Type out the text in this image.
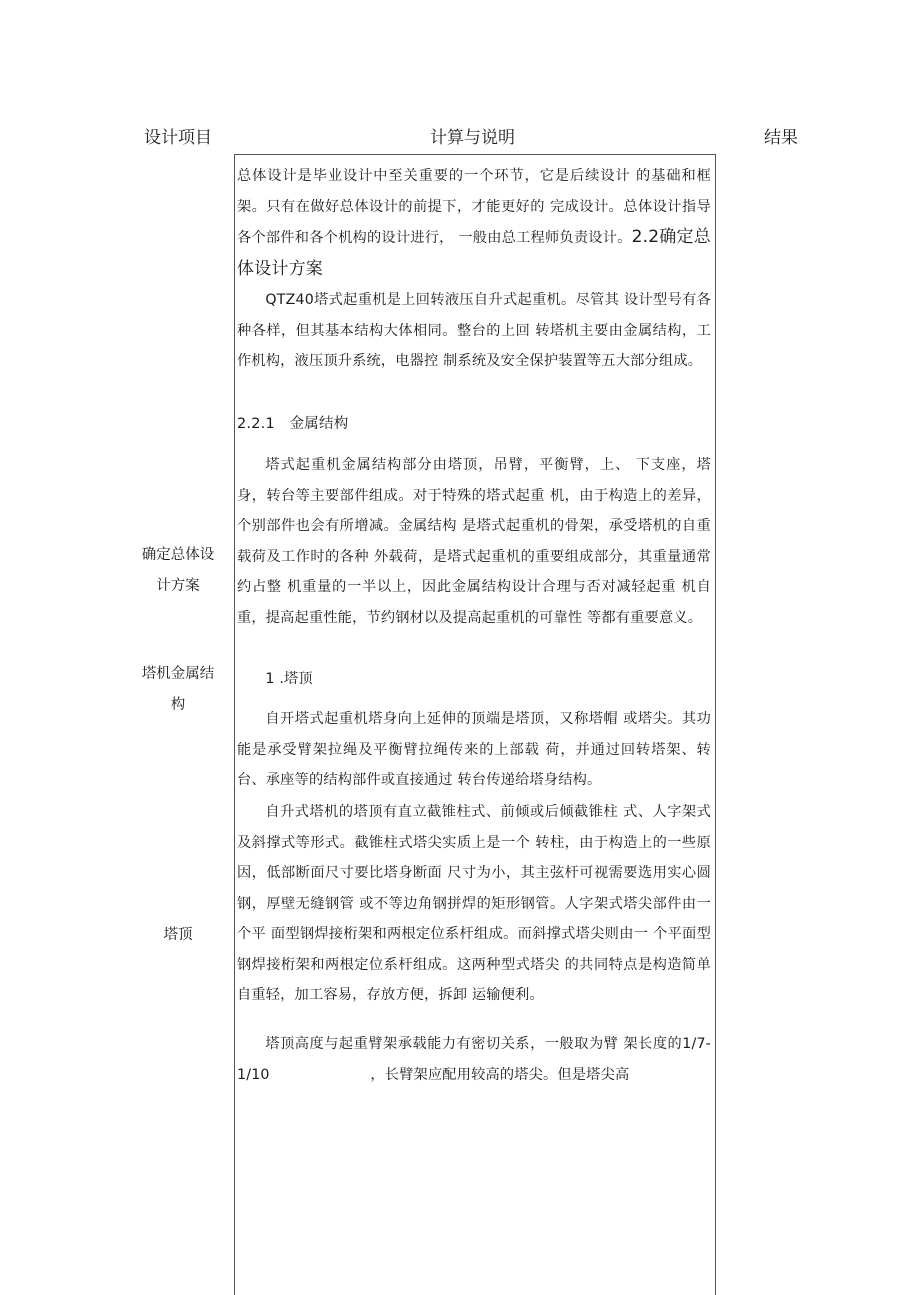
设计项目	计算与说明	结果
确定总体设计方案
塔机金属结构
塔顶

总体设计是毕业设计中至关重要的一个环节，它是后续设计 的基础和框架。只有在做好总体设计的前提下，才能更好的 完成设计。总体设计指导各个部件和各个机构的设计进行， 一般由总工程师负责设计。2.2确定总体设计方案

QTZ40塔式起重机是上回转液压自升式起重机。尽管其 设计型号有各种各样，但其基本结构大体相同。整台的上回 转塔机主要由金属结构，工作机构，液压顶升系统，电器控 制系统及安全保护装置等五大部分组成。

2.2.1　金属结构

塔式起重机金属结构部分由塔顶，吊臂，平衡臂，上、 下支座，塔身，转台等主要部件组成。对于特殊的塔式起重 机，由于构造上的差异，个别部件也会有所增减。金属结构 是塔式起重机的骨架，承受塔机的自重载荷及工作时的各种 外载荷，是塔式起重机的重要组成部分，其重量通常约占整 机重量的一半以上，因此金属结构设计合理与否对减轻起重 机自重，提高起重性能，节约钢材以及提高起重机的可靠性 等都有重要意义。

1 .塔顶

自开塔式起重机塔身向上延伸的顶端是塔顶，又称塔帽 或塔尖。其功能是承受臂架拉绳及平衡臂拉绳传来的上部载 荷，并通过回转塔架、转台、承座等的结构部件或直接通过 转台传递给塔身结构。

自升式塔机的塔顶有直立截锥柱式、前倾或后倾截锥柱 式、人字架式及斜撑式等形式。截锥柱式塔尖实质上是一个 转柱，由于构造上的一些原因，低部断面尺寸要比塔身断面 尺寸为小，其主弦杆可视需要选用实心圆钢，厚壁无缝钢管 或不等边角钢拼焊的矩形钢管。人字架式塔尖部件由一个平 面型钢焊接桁架和两根定位系杆组成。而斜撑式塔尖则由一 个平面型钢焊接桁架和两根定位系杆组成。这两种型式塔尖 的共同特点是构造简单自重轻，加工容易，存放方便，拆卸 运输便利。

塔顶高度与起重臂架承载能力有密切关系，一般取为臂 架长度的1/7-1/10　　　　　　　，长臂架应配用较高的塔尖。但是塔尖高
